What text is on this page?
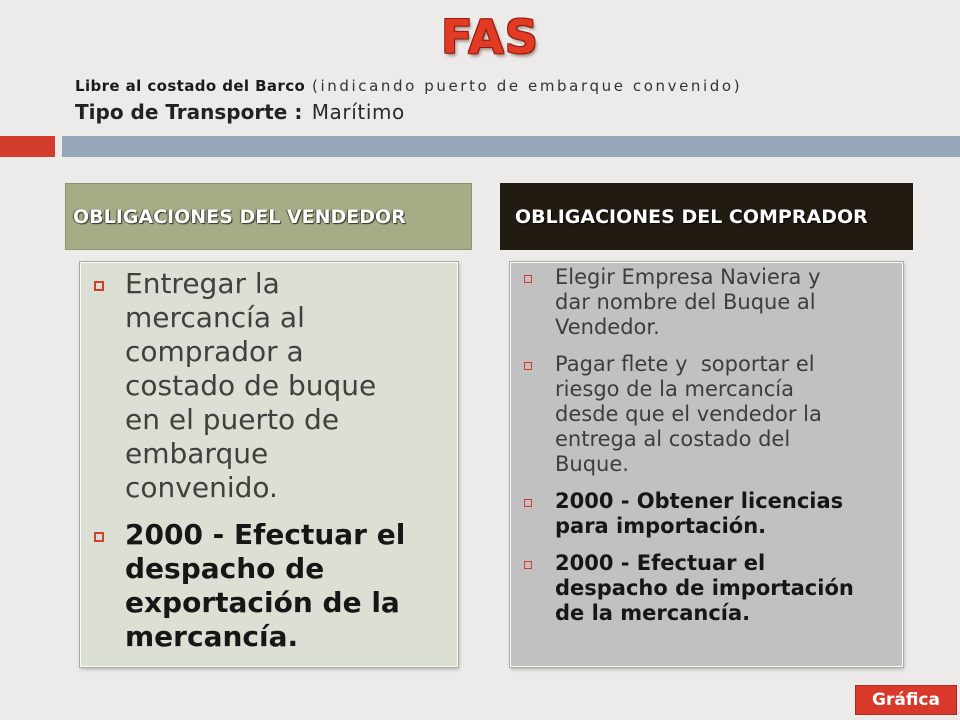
FAS
Libre al costado del Barco (indicando puerto de embarque convenido)
Tipo de Transporte : Marítimo
OBLIGACIONES DEL VENDEDOR	OBLIGACIONES DEL COMPRADOR
Entregar la mercancía al comprador a costado de buque en el puerto de embarque convenido.
2000 - Efectuar el despacho de exportación de la mercancía.
Elegir Empresa Naviera y dar nombre del Buque al Vendedor.
Pagar flete y  soportar el riesgo de la mercancía desde que el vendedor la entrega al costado del Buque.
2000 - Obtener licencias para importación.
2000 - Efectuar el despacho de importación de la mercancía.
Gráfica
